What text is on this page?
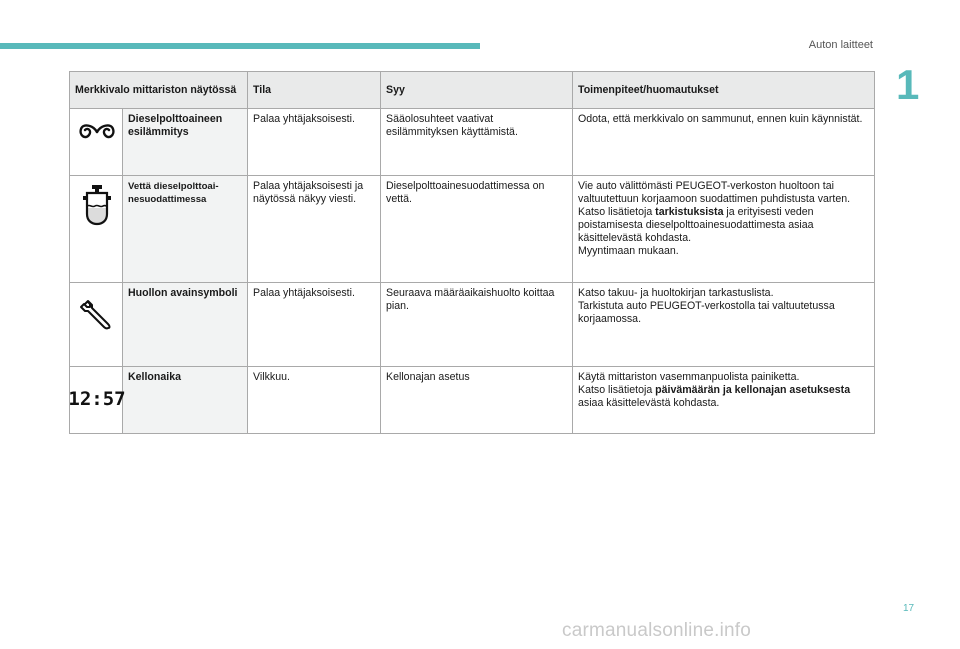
Auton laitteet
1
Merkkivalo mittariston näytössä		Tila	Syy	Toimenpiteet/huomautukset

	Dieselpolttoaineen esilämmitys	Palaa yhtäjaksoisesti.	Sääolosuhteet vaativat esilämmityksen käyttämistä.	Odota, että merkkivalo on sammunut, ennen kuin käynnistät.

	Vettä dieselpolttoai-nesuodattimessa	Palaa yhtäjaksoisesti ja näytössä näkyy viesti.	Dieselpolttoainesuodattimessa on vettä.	Vie auto välittömästi PEUGEOT-verkoston huoltoon tai valtuutettuun korjaamoon suodattimen puhdistusta varten.
Katso lisätietoja tarkistuksista ja erityisesti veden poistamisesta dieselpolttoainesuodattimesta asiaa käsittelevästä kohdasta.
Myyntimaan mukaan.

	Huollon avainsymboli	Palaa yhtäjaksoisesti.	Seuraava määräaikaishuolto koittaa pian.	Katso takuu- ja huoltokirjan tarkastuslista.
Tarkistuta auto PEUGEOT-verkostolla tai valtuutetussa korjaamossa.

12:57	Kellonaika	Vilkkuu.	Kellonajan asetus	Käytä mittariston vasemmanpuolista painiketta.
Katso lisätietoja päivämäärän ja kellonajan asetuksesta asiaa käsittelevästä kohdasta.
17
carmanualsonline.info
